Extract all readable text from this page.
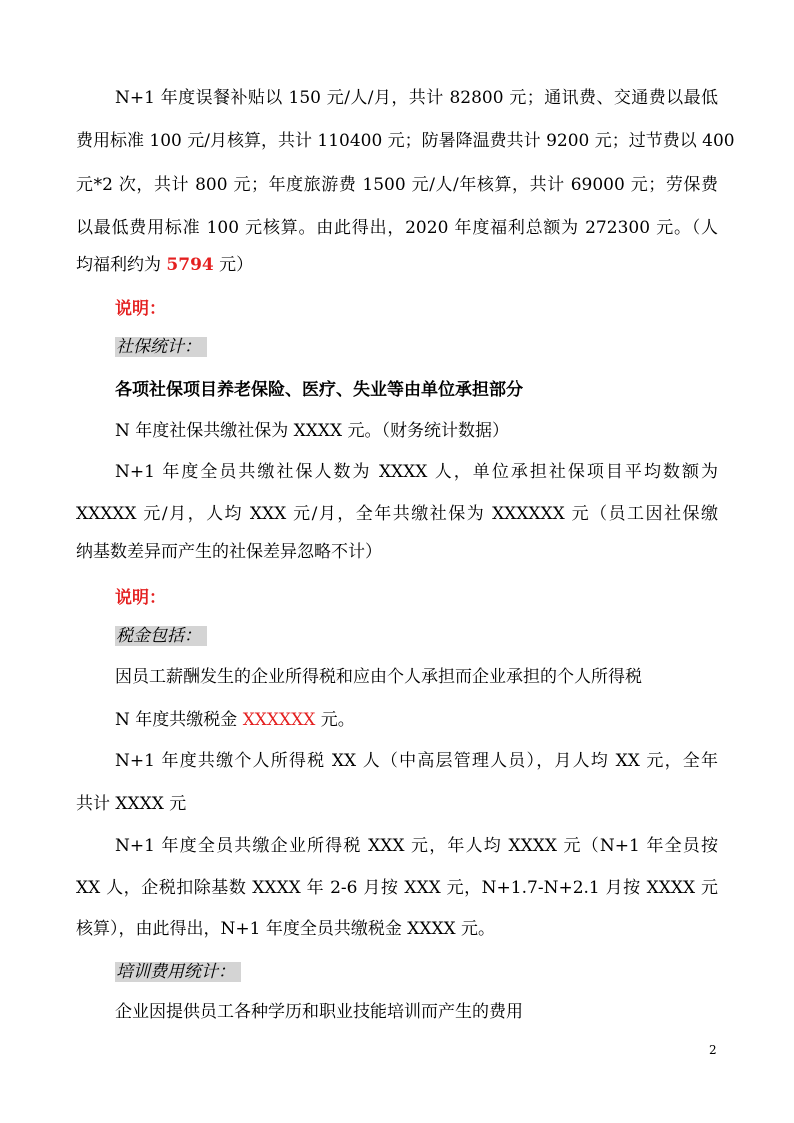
N+1 年度误餐补贴以 150 元/人/月，共计 82800 元；通讯费、交通费以最低
费用标准 100 元/月核算，共计 110400 元；防暑降温费共计 9200 元；过节费以 400
元*2 次，共计 800 元；年度旅游费 1500 元/人/年核算，共计 69000 元；劳保费
以最低费用标准 100 元核算。由此得出，2020 年度福利总额为 272300 元。（人
均福利约为 5794 元）
说明：
社保统计：
各项社保项目养老保险、医疗、失业等由单位承担部分
N 年度社保共缴社保为 XXXX 元。（财务统计数据）
N+1 年度全员共缴社保人数为 XXXX 人，单位承担社保项目平均数额为
XXXXX 元/月，人均 XXX 元/月，全年共缴社保为 XXXXXX 元（员工因社保缴
纳基数差异而产生的社保差异忽略不计）
说明：
税金包括：
因员工薪酬发生的企业所得税和应由个人承担而企业承担的个人所得税
N 年度共缴税金 XXXXXX 元。
N+1 年度共缴个人所得税 XX 人（中高层管理人员），月人均 XX 元，全年
共计 XXXX 元
N+1 年度全员共缴企业所得税 XXX 元，年人均 XXXX 元（N+1 年全员按
XX 人，企税扣除基数 XXXX 年 2-6 月按 XXX 元，N+1.7-N+2.1 月按 XXXX 元
核算），由此得出，N+1 年度全员共缴税金 XXXX 元。
培训费用统计：
企业因提供员工各种学历和职业技能培训而产生的费用
2
